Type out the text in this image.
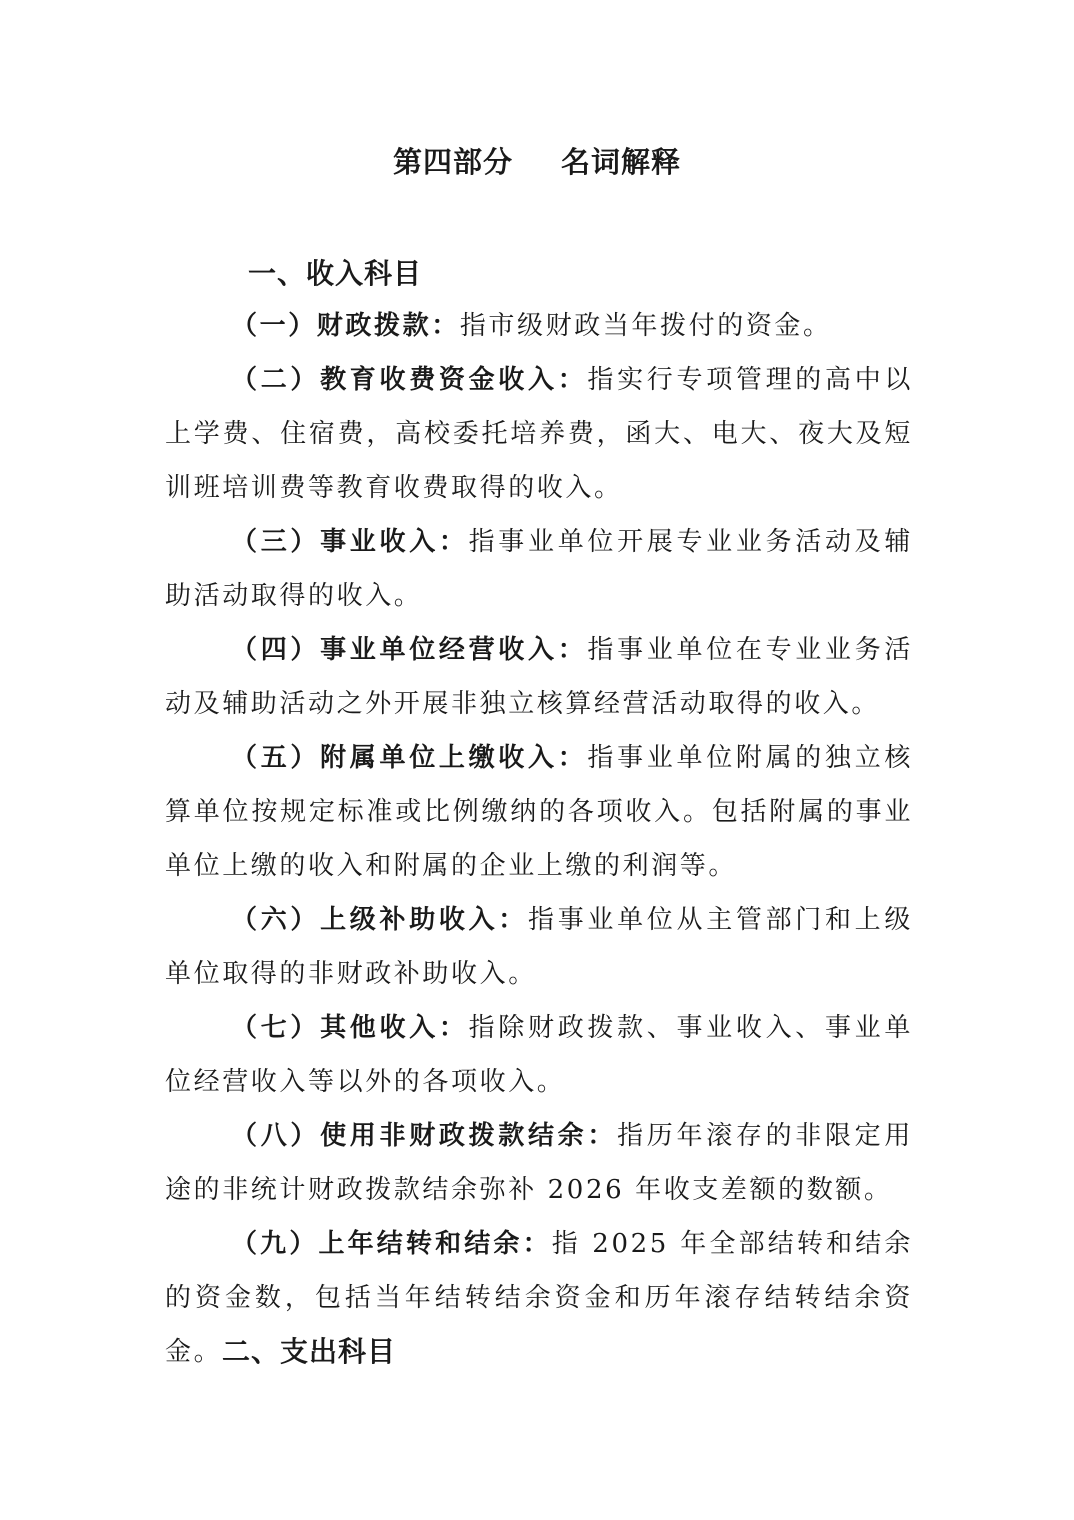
第四部分 名词解释
一、收入科目
（一）财政拨款：指市级财政当年拨付的资金。
（二）教育收费资金收入：指实行专项管理的高中以上学费、住宿费，高校委托培养费，函大、电大、夜大及短训班培训费等教育收费取得的收入。
（三）事业收入：指事业单位开展专业业务活动及辅助活动取得的收入。
（四）事业单位经营收入：指事业单位在专业业务活动及辅助活动之外开展非独立核算经营活动取得的收入。
（五）附属单位上缴收入：指事业单位附属的独立核算单位按规定标准或比例缴纳的各项收入。包括附属的事业单位上缴的收入和附属的企业上缴的利润等。
（六）上级补助收入：指事业单位从主管部门和上级单位取得的非财政补助收入。
（七）其他收入：指除财政拨款、事业收入、事业单位经营收入等以外的各项收入。
（八）使用非财政拨款结余：指历年滚存的非限定用途的非统计财政拨款结余弥补 2026 年收支差额的数额。
（九）上年结转和结余：指 2025 年全部结转和结余的资金数，包括当年结转结余资金和历年滚存结转结余资金。 二、支出科目
